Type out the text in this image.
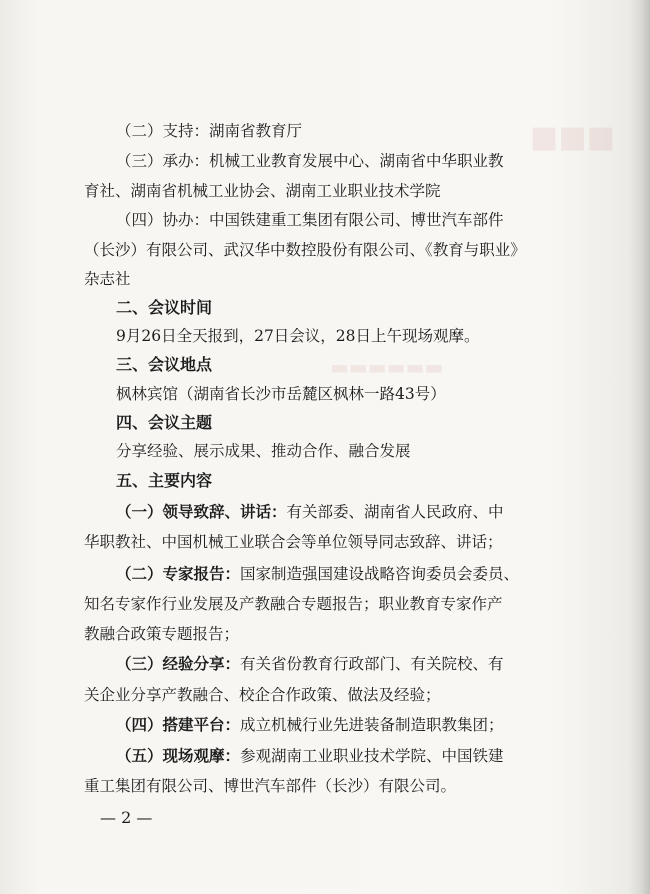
■■■
▬▬▬▬▬▬
（二）支持：湖南省教育厅
（三）承办：机械工业教育发展中心、湖南省中华职业教
育社、湖南省机械工业协会、湖南工业职业技术学院
（四）协办：中国铁建重工集团有限公司、博世汽车部件
（长沙）有限公司、武汉华中数控股份有限公司、《教育与职业》
杂志社
二、会议时间
9月26日全天报到，27日会议，28日上午现场观摩。
三、会议地点
枫林宾馆（湖南省长沙市岳麓区枫林一路43号）
四、会议主题
分享经验、展示成果、推动合作、融合发展
五、主要内容
（一）领导致辞、讲话：有关部委、湖南省人民政府、中
华职教社、中国机械工业联合会等单位领导同志致辞、讲话；
（二）专家报告：国家制造强国建设战略咨询委员会委员、
知名专家作行业发展及产教融合专题报告；职业教育专家作产
教融合政策专题报告；
（三）经验分享：有关省份教育行政部门、有关院校、有
关企业分享产教融合、校企合作政策、做法及经验；
（四）搭建平台：成立机械行业先进装备制造职教集团；
（五）现场观摩：参观湖南工业职业技术学院、中国铁建
重工集团有限公司、博世汽车部件（长沙）有限公司。
— 2 —
